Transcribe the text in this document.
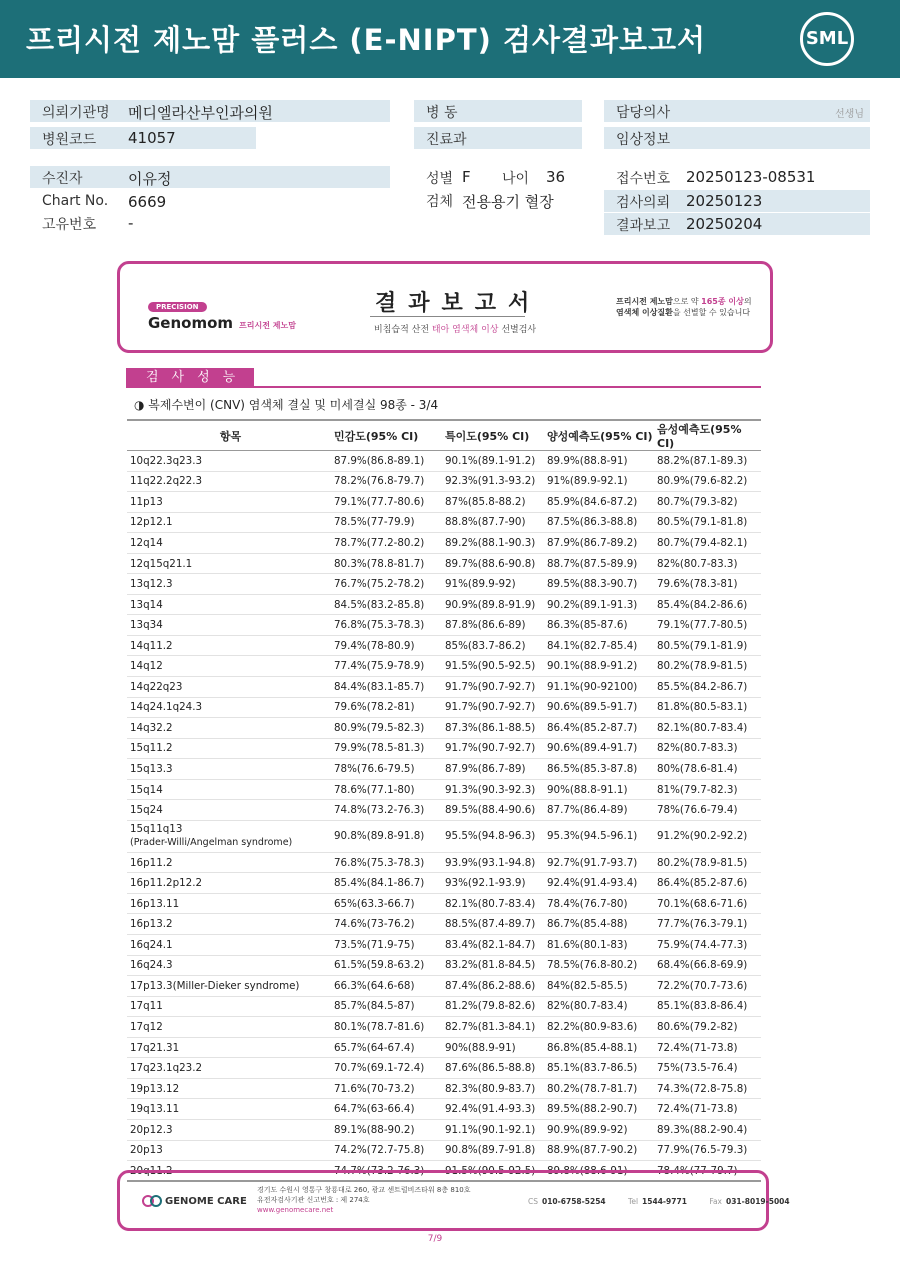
프리시전 제노맘 플러스 (E-NIPT) 검사결과보고서	SML
의뢰기관명 메디엘라산부인과의원
병원코드 41057
수진자	이유정
Chart No. 6669
고유번호 -
병 동
진료과
성별 F 나이 36
검체 전용용기 혈장
담당의사	선생님
임상정보
접수번호 20250123-08531
검사의뢰 20250123
결과보고 20250204
PRECISION
Genomom 프리시전 제노맘
결과보고서
비침습적 산전 태아 염색체 이상 선별검사
프리시전 제노맘으로 약 165종 이상의
염색체 이상질환을 선별할 수 있습니다
검사성능
◑ 복제수변이 (CNV) 염색체 결실 및 미세결실 98종 - 3/4
항목	민감도(95% CI)	특이도(95% CI)	양성예측도(95% CI)	음성예측도(95% CI)
10q22.3q23.3	87.9%(86.8-89.1)	90.1%(89.1-91.2)	89.9%(88.8-91)	88.2%(87.1-89.3)
11q22.2q22.3	78.2%(76.8-79.7)	92.3%(91.3-93.2)	91%(89.9-92.1)	80.9%(79.6-82.2)
11p13	79.1%(77.7-80.6)	87%(85.8-88.2)	85.9%(84.6-87.2)	80.7%(79.3-82)
12p12.1	78.5%(77-79.9)	88.8%(87.7-90)	87.5%(86.3-88.8)	80.5%(79.1-81.8)
12q14	78.7%(77.2-80.2)	89.2%(88.1-90.3)	87.9%(86.7-89.2)	80.7%(79.4-82.1)
12q15q21.1	80.3%(78.8-81.7)	89.7%(88.6-90.8)	88.7%(87.5-89.9)	82%(80.7-83.3)
13q12.3	76.7%(75.2-78.2)	91%(89.9-92)	89.5%(88.3-90.7)	79.6%(78.3-81)
13q14	84.5%(83.2-85.8)	90.9%(89.8-91.9)	90.2%(89.1-91.3)	85.4%(84.2-86.6)
13q34	76.8%(75.3-78.3)	87.8%(86.6-89)	86.3%(85-87.6)	79.1%(77.7-80.5)
14q11.2	79.4%(78-80.9)	85%(83.7-86.2)	84.1%(82.7-85.4)	80.5%(79.1-81.9)
14q12	77.4%(75.9-78.9)	91.5%(90.5-92.5)	90.1%(88.9-91.2)	80.2%(78.9-81.5)
14q22q23	84.4%(83.1-85.7)	91.7%(90.7-92.7)	91.1%(90-92100)	85.5%(84.2-86.7)
14q24.1q24.3	79.6%(78.2-81)	91.7%(90.7-92.7)	90.6%(89.5-91.7)	81.8%(80.5-83.1)
14q32.2	80.9%(79.5-82.3)	87.3%(86.1-88.5)	86.4%(85.2-87.7)	82.1%(80.7-83.4)
15q11.2	79.9%(78.5-81.3)	91.7%(90.7-92.7)	90.6%(89.4-91.7)	82%(80.7-83.3)
15q13.3	78%(76.6-79.5)	87.9%(86.7-89)	86.5%(85.3-87.8)	80%(78.6-81.4)
15q14	78.6%(77.1-80)	91.3%(90.3-92.3)	90%(88.8-91.1)	81%(79.7-82.3)
15q24	74.8%(73.2-76.3)	89.5%(88.4-90.6)	87.7%(86.4-89)	78%(76.6-79.4)

15q11q13
(Prader-Willi/Angelman syndrome)	90.8%(89.8-91.8)	95.5%(94.8-96.3)	95.3%(94.5-96.1)	91.2%(90.2-92.2)
16p11.2	76.8%(75.3-78.3)	93.9%(93.1-94.8)	92.7%(91.7-93.7)	80.2%(78.9-81.5)
16p11.2p12.2	85.4%(84.1-86.7)	93%(92.1-93.9)	92.4%(91.4-93.4)	86.4%(85.2-87.6)
16p13.11	65%(63.3-66.7)	82.1%(80.7-83.4)	78.4%(76.7-80)	70.1%(68.6-71.6)
16p13.2	74.6%(73-76.2)	88.5%(87.4-89.7)	86.7%(85.4-88)	77.7%(76.3-79.1)
16q24.1	73.5%(71.9-75)	83.4%(82.1-84.7)	81.6%(80.1-83)	75.9%(74.4-77.3)
16q24.3	61.5%(59.8-63.2)	83.2%(81.8-84.5)	78.5%(76.8-80.2)	68.4%(66.8-69.9)
17p13.3(Miller-Dieker syndrome)	66.3%(64.6-68)	87.4%(86.2-88.6)	84%(82.5-85.5)	72.2%(70.7-73.6)
17q11	85.7%(84.5-87)	81.2%(79.8-82.6)	82%(80.7-83.4)	85.1%(83.8-86.4)
17q12	80.1%(78.7-81.6)	82.7%(81.3-84.1)	82.2%(80.9-83.6)	80.6%(79.2-82)
17q21.31	65.7%(64-67.4)	90%(88.9-91)	86.8%(85.4-88.1)	72.4%(71-73.8)
17q23.1q23.2	70.7%(69.1-72.4)	87.6%(86.5-88.8)	85.1%(83.7-86.5)	75%(73.5-76.4)
19p13.12	71.6%(70-73.2)	82.3%(80.9-83.7)	80.2%(78.7-81.7)	74.3%(72.8-75.8)
19q13.11	64.7%(63-66.4)	92.4%(91.4-93.3)	89.5%(88.2-90.7)	72.4%(71-73.8)
20p12.3	89.1%(88-90.2)	91.1%(90.1-92.1)	90.9%(89.9-92)	89.3%(88.2-90.4)
20p13	74.2%(72.7-75.8)	90.8%(89.7-91.8)	88.9%(87.7-90.2)	77.9%(76.5-79.3)
20q11.2	74.7%(73.2-76.3)	91.5%(90.5-92.5)	89.8%(88.6-91)	78.4%(77-79.7)
GENOME CARE
경기도 수원시 영통구 창룡대로 260, 광교 센트럴비즈타워 8층 810호
유전자검사기관 신고번호 : 제 274호
www.genomecare.net
CS 010-6758-5254	Tel 1544-9771	Fax 031-8019-5004
7/9
